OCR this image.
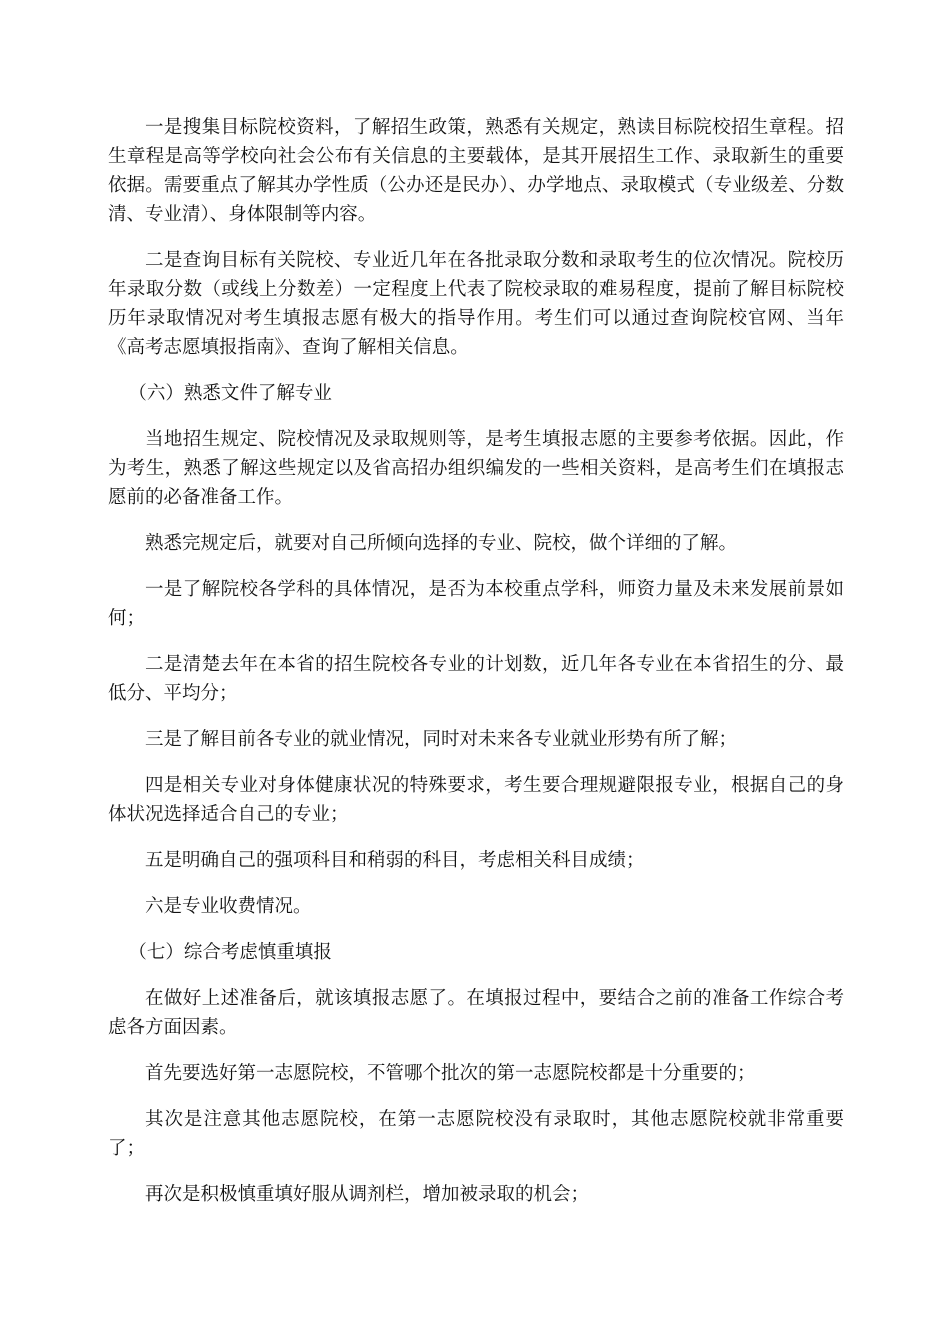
一是搜集目标院校资料，了解招生政策，熟悉有关规定，熟读目标院校招生章程。招生章程是高等学校向社会公布有关信息的主要载体，是其开展招生工作、录取新生的重要依据。需要重点了解其办学性质（公办还是民办）、办学地点、录取模式（专业级差、分数清、专业清）、身体限制等内容。

二是查询目标有关院校、专业近几年在各批录取分数和录取考生的位次情况。院校历年录取分数（或线上分数差）一定程度上代表了院校录取的难易程度，提前了解目标院校历年录取情况对考生填报志愿有极大的指导作用。考生们可以通过查询院校官网、当年《高考志愿填报指南》、查询了解相关信息。

（六）熟悉文件了解专业

当地招生规定、院校情况及录取规则等，是考生填报志愿的主要参考依据。因此，作为考生，熟悉了解这些规定以及省高招办组织编发的一些相关资料，是高考生们在填报志愿前的必备准备工作。

熟悉完规定后，就要对自己所倾向选择的专业、院校，做个详细的了解。

一是了解院校各学科的具体情况，是否为本校重点学科，师资力量及未来发展前景如何；

二是清楚去年在本省的招生院校各专业的计划数，近几年各专业在本省招生的分、最低分、平均分；

三是了解目前各专业的就业情况，同时对未来各专业就业形势有所了解；

四是相关专业对身体健康状况的特殊要求，考生要合理规避限报专业，根据自己的身体状况选择适合自己的专业；

五是明确自己的强项科目和稍弱的科目，考虑相关科目成绩；

六是专业收费情况。

（七）综合考虑慎重填报

在做好上述准备后，就该填报志愿了。在填报过程中，要结合之前的准备工作综合考虑各方面因素。

首先要选好第一志愿院校，不管哪个批次的第一志愿院校都是十分重要的；

其次是注意其他志愿院校，在第一志愿院校没有录取时，其他志愿院校就非常重要了；

再次是积极慎重填好服从调剂栏，增加被录取的机会；
